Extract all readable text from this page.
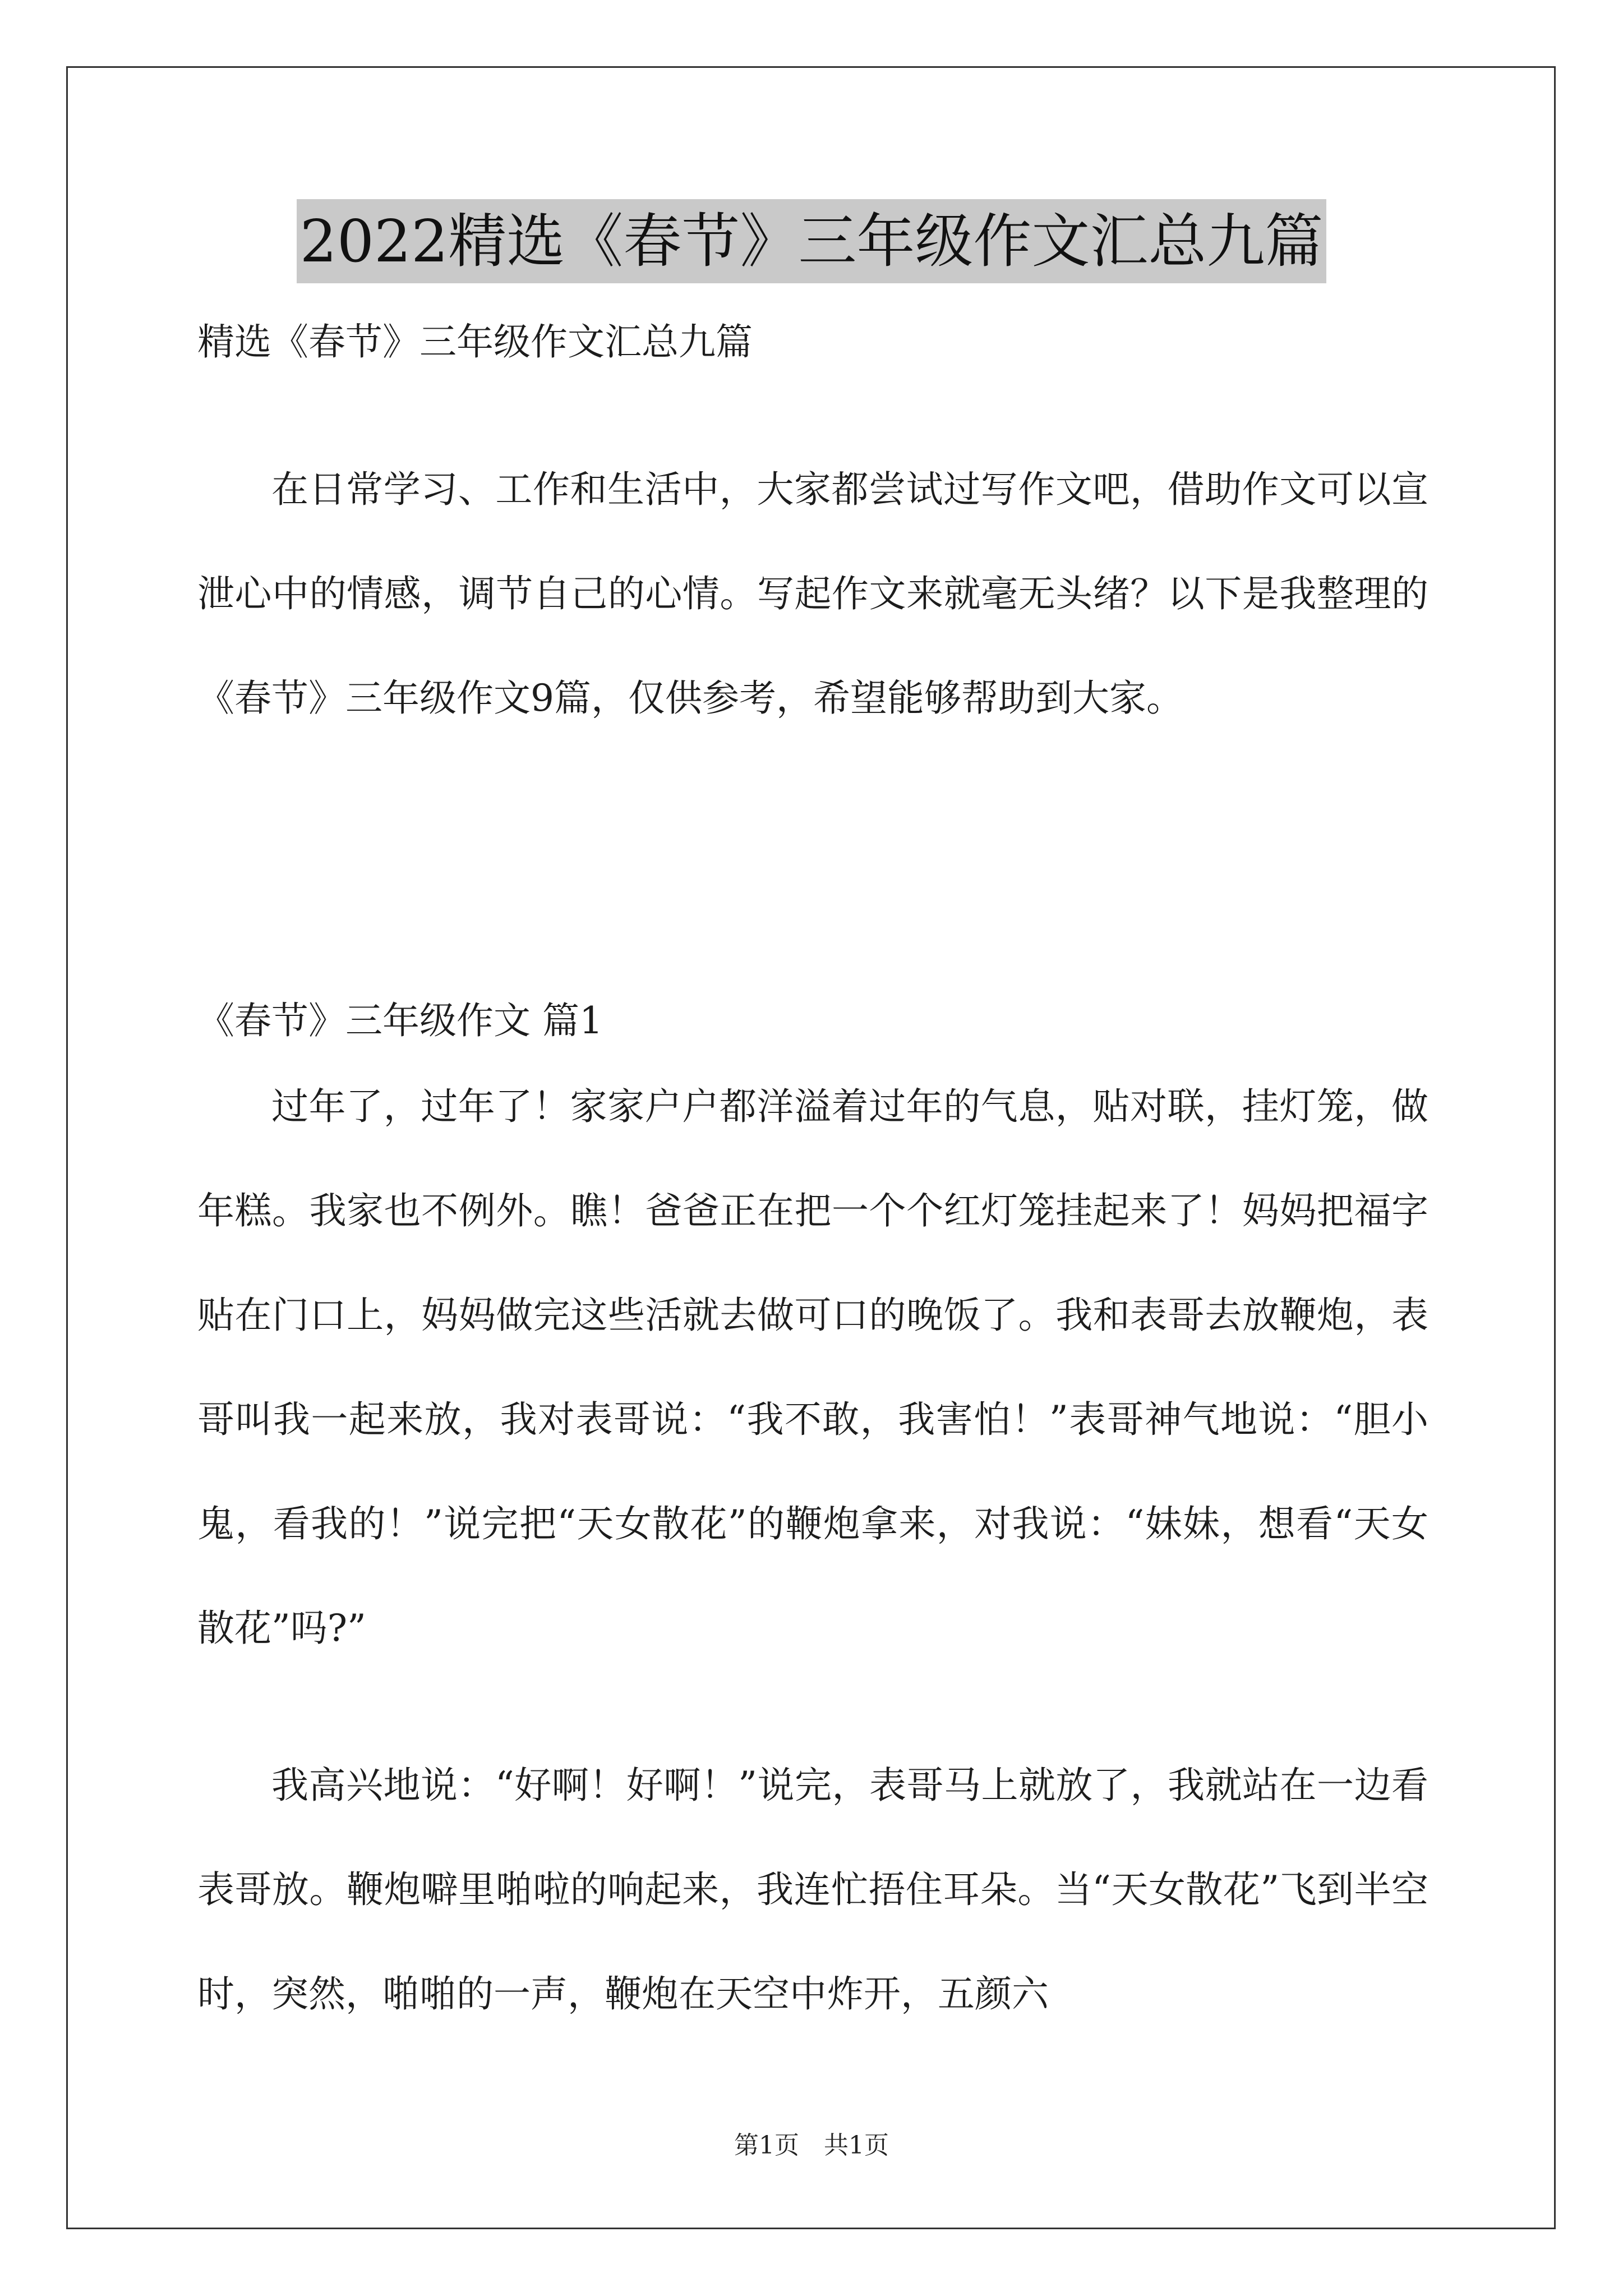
2022精选《春节》三年级作文汇总九篇

精选《春节》三年级作文汇总九篇

在日常学习、工作和生活中，大家都尝试过写作文吧，借助作文可以宣泄心中的情感，调节自己的心情。写起作文来就毫无头绪？以下是我整理的《春节》三年级作文9篇，仅供参考，希望能够帮助到大家。

《春节》三年级作文 篇1

过年了，过年了！家家户户都洋溢着过年的气息，贴对联，挂灯笼，做年糕。我家也不例外。瞧！爸爸正在把一个个红灯笼挂起来了！妈妈把福字贴在门口上，妈妈做完这些活就去做可口的晚饭了。我和表哥去放鞭炮，表哥叫我一起来放，我对表哥说：“我不敢，我害怕！”表哥神气地说：“胆小鬼，看我的！”说完把“天女散花”的鞭炮拿来，对我说：“妹妹，想看“天女散花”吗?”

我高兴地说：“好啊！好啊！”说完，表哥马上就放了，我就站在一边看表哥放。鞭炮噼里啪啦的响起来，我连忙捂住耳朵。当“天女散花”飞到半空时，突然，啪啪的一声，鞭炮在天空中炸开，五颜六

第1页　共1页
